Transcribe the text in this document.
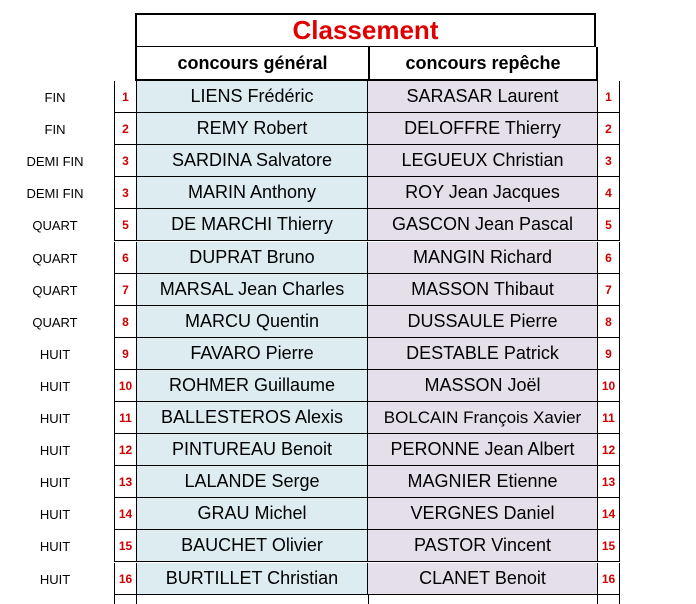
Classement
concours général	concours repêche
FIN	1	LIENS Frédéric	SARASAR Laurent	1
FIN	2	REMY Robert	DELOFFRE Thierry	2
DEMI FIN	3	SARDINA Salvatore	LEGUEUX Christian	3
DEMI FIN	3	MARIN Anthony	ROY Jean Jacques	4
QUART	5	DE MARCHI Thierry	GASCON Jean Pascal	5
QUART	6	DUPRAT Bruno	MANGIN Richard	6
QUART	7	MARSAL Jean Charles	MASSON Thibaut	7
QUART	8	MARCU Quentin	DUSSAULE Pierre	8
HUIT	9	FAVARO Pierre	DESTABLE Patrick	9
HUIT	10	ROHMER Guillaume	MASSON Joël	10
HUIT	11	BALLESTEROS Alexis	BOLCAIN François Xavier	11
HUIT	12	PINTUREAU Benoit	PERONNE Jean Albert	12
HUIT	13	LALANDE Serge	MAGNIER Etienne	13
HUIT	14	GRAU Michel	VERGNES Daniel	14
HUIT	15	BAUCHET Olivier	PASTOR Vincent	15
HUIT	16	BURTILLET Christian	CLANET Benoit	16
